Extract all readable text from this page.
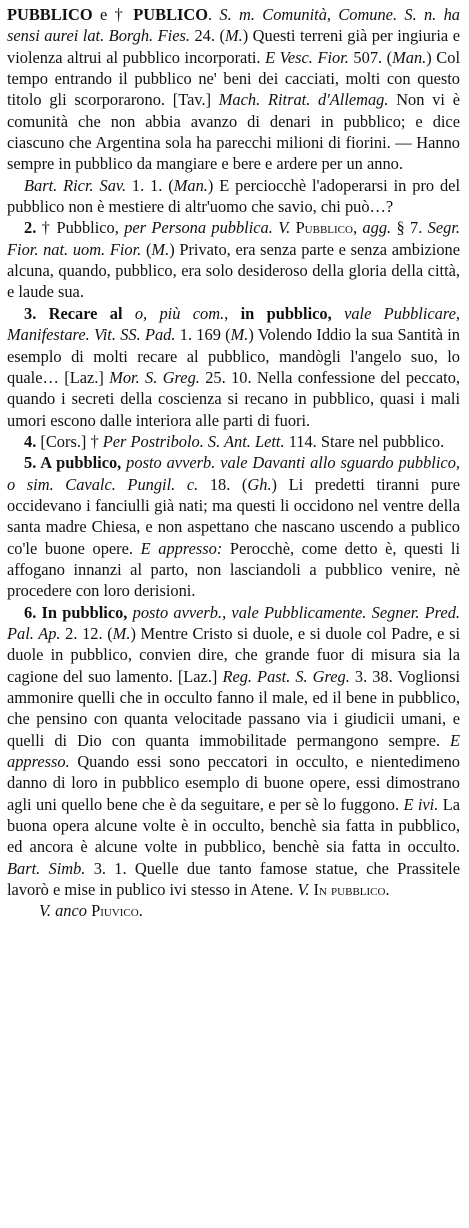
PUBBLICO e † PUBLICO. S. m. Comunità, Comune. S. n. ha sensi aurei lat. Borgh. Fies. 24. (M.) Questi terreni già per ingiuria e violenza altrui al pubblico incorporati. E Vesc. Fior. 507. (Man.) Col tempo entrando il pubblico ne' beni dei cacciati, molti con questo titolo gli scorporarono. [Tav.] Mach. Ritrat. d'Allemag. Non vi è comunità che non abbia avanzo di denari in pubblico; e dice ciascuno che Argentina sola ha parecchi milioni di fiorini. — Hanno sempre in pubblico da mangiare e bere e ardere per un anno.

Bart. Ricr. Sav. 1. 1. (Man.) E perciocchè l'adoperarsi in pro del pubblico non è mestiere di altr'uomo che savio, chi può…?

2. † Pubblico, per Persona pubblica. V. Pubblico, agg. § 7. Segr. Fior. nat. uom. Fior. (M.) Privato, era senza parte e senza ambizione alcuna, quando, pubblico, era solo desideroso della gloria della città, e laude sua.

3. Recare al o, più com., in pubblico, vale Pubblicare, Manifestare. Vit. SS. Pad. 1. 169 (M.) Volendo Iddio la sua Santità in esemplo di molti recare al pubblico, mandògli l'angelo suo, lo quale… [Laz.] Mor. S. Greg. 25. 10. Nella confessione del peccato, quando i secreti della coscienza si recano in pubblico, quasi i mali umori escono dalle interiora alle parti di fuori.

4. [Cors.] † Per Postribolo. S. Ant. Lett. 114. Stare nel pubblico.

5. A pubblico, posto avverb. vale Davanti allo sguardo pubblico, o sim. Cavalc. Pungil. c. 18. (Gh.) Li predetti tiranni pure occidevano i fanciulli già nati; ma questi li occidono nel ventre della santa madre Chiesa, e non aspettano che nascano uscendo a publico co'le buone opere. E appresso: Perocchè, come detto è, questi li affogano innanzi al parto, non lasciandoli a pubblico venire, nè procedere con loro derisioni.

6. In pubblico, posto avverb., vale Pubblicamente. Segner. Pred. Pal. Ap. 2. 12. (M.) Mentre Cristo si duole, e si duole col Padre, e si duole in pubblico, convien dire, che grande fuor di misura sia la cagione del suo lamento. [Laz.] Reg. Past. S. Greg. 3. 38. Voglionsi ammonire quelli che in occulto fanno il male, ed il bene in pubblico, che pensino con quanta velocitade passano via i giudicii umani, e quelli di Dio con quanta immobilitade permangono sempre. E appresso. Quando essi sono peccatori in occulto, e nientedimeno danno di loro in pubblico esemplo di buone opere, essi dimostrano agli uni quello bene che è da seguitare, e per sè lo fuggono. E ivi. La buona opera alcune volte è in occulto, benchè sia fatta in pubblico, ed ancora è alcune volte in pubblico, benchè sia fatta in occulto. Bart. Simb. 3. 1. Quelle due tanto famose statue, che Prassitele lavorò e mise in publico ivi stesso in Atene. V. In pubblico.

V. anco Piuvico.
